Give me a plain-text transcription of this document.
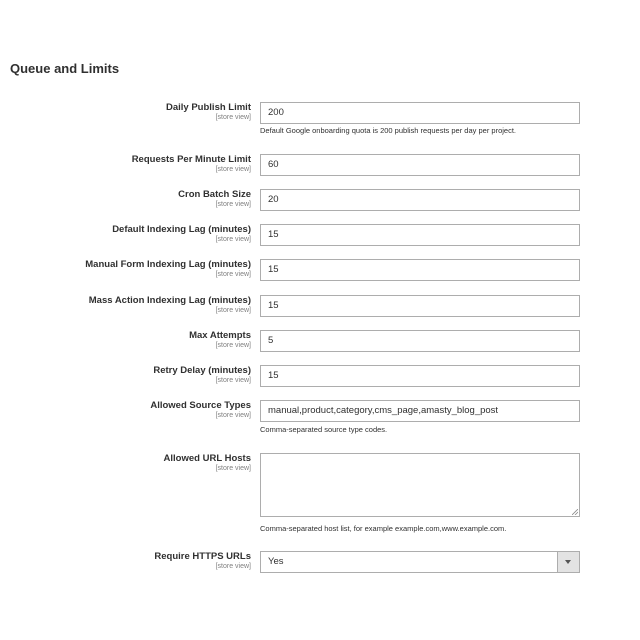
Queue and Limits
Daily Publish Limit
[store view]	200
Default Google onboarding quota is 200 publish requests per day per project.
Requests Per Minute Limit
[store view]	60
Cron Batch Size
[store view]	20
Default Indexing Lag (minutes)
[store view]	15
Manual Form Indexing Lag (minutes)
[store view]	15
Mass Action Indexing Lag (minutes)
[store view]	15
Max Attempts
[store view]	5
Retry Delay (minutes)
[store view]	15
Allowed Source Types
[store view]	manual,product,category,cms_page,amasty_blog_post
Comma-separated source type codes.
Allowed URL Hosts
[store view]
Comma-separated host list, for example example.com,www.example.com.
Require HTTPS URLs
[store view]	Yes
